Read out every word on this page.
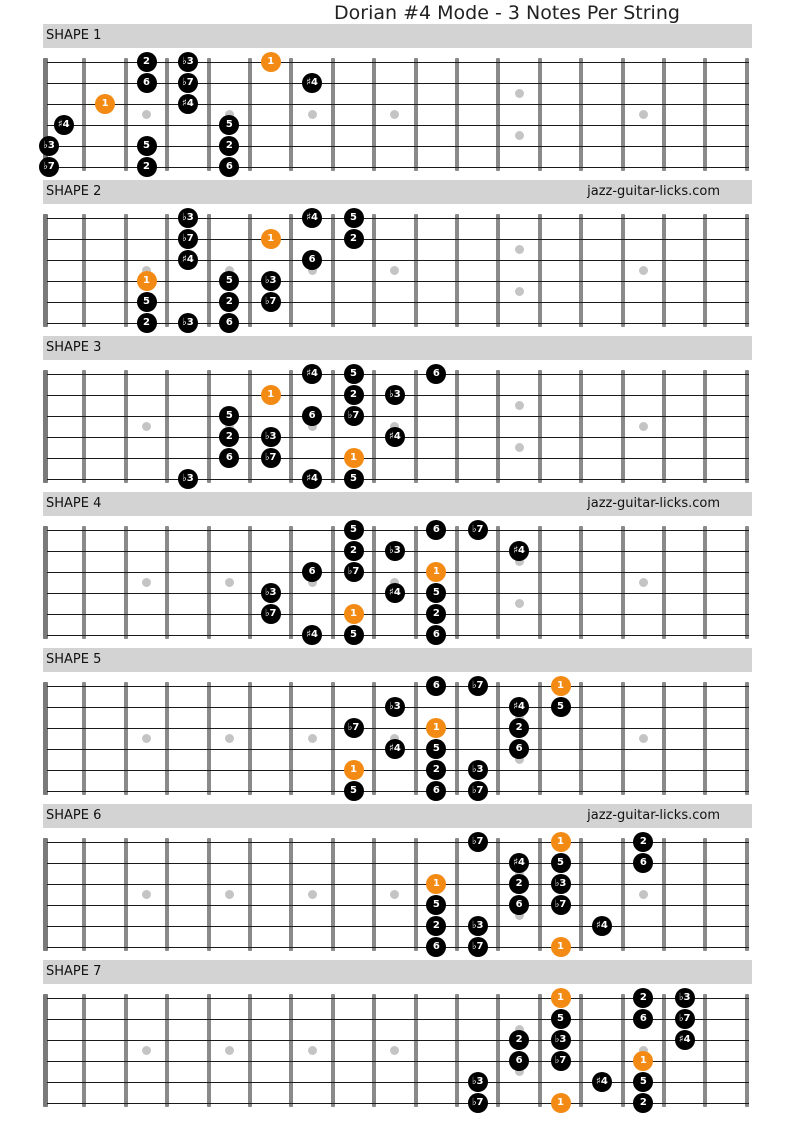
Dorian #4 Mode - 3 Notes Per String
SHAPE 1
2
6
♭3
♭7
1
♯4
5
2
♭3
♭7
♯4
5
2
6
1
♯4
SHAPE 2	jazz-guitar-licks.com
1
5
2
♭3
♭7
♯4
♭3
5
2
6
1
♭3
♭7
♯4
6
5
2
SHAPE 3
♭3
5
2
6
1
♭3
♭7
♯4
6
♯4
5
2
♭7
1
5
♭3
♯4
6
SHAPE 4	jazz-guitar-licks.com
♭3
♭7
6
♯4
5
2
♭7
1
5
♭3
♯4
6
1
5
2
6
♭7
♯4
SHAPE 5
♭7
1
5
♭3
♯4
6
1
5
2
6
♭7
♭3
♭7
♯4
2
6
1
5
SHAPE 6	jazz-guitar-licks.com
1
5
2
6
♭7
♭3
♭7
♯4
2
6
1
5
♭3
♭7
1
♯4
2
6
SHAPE 7
♭3
♭7
2
6
1
5
♭3
♭7
1
♯4
2
6
1
5
2
♭3
♭7
♯4
